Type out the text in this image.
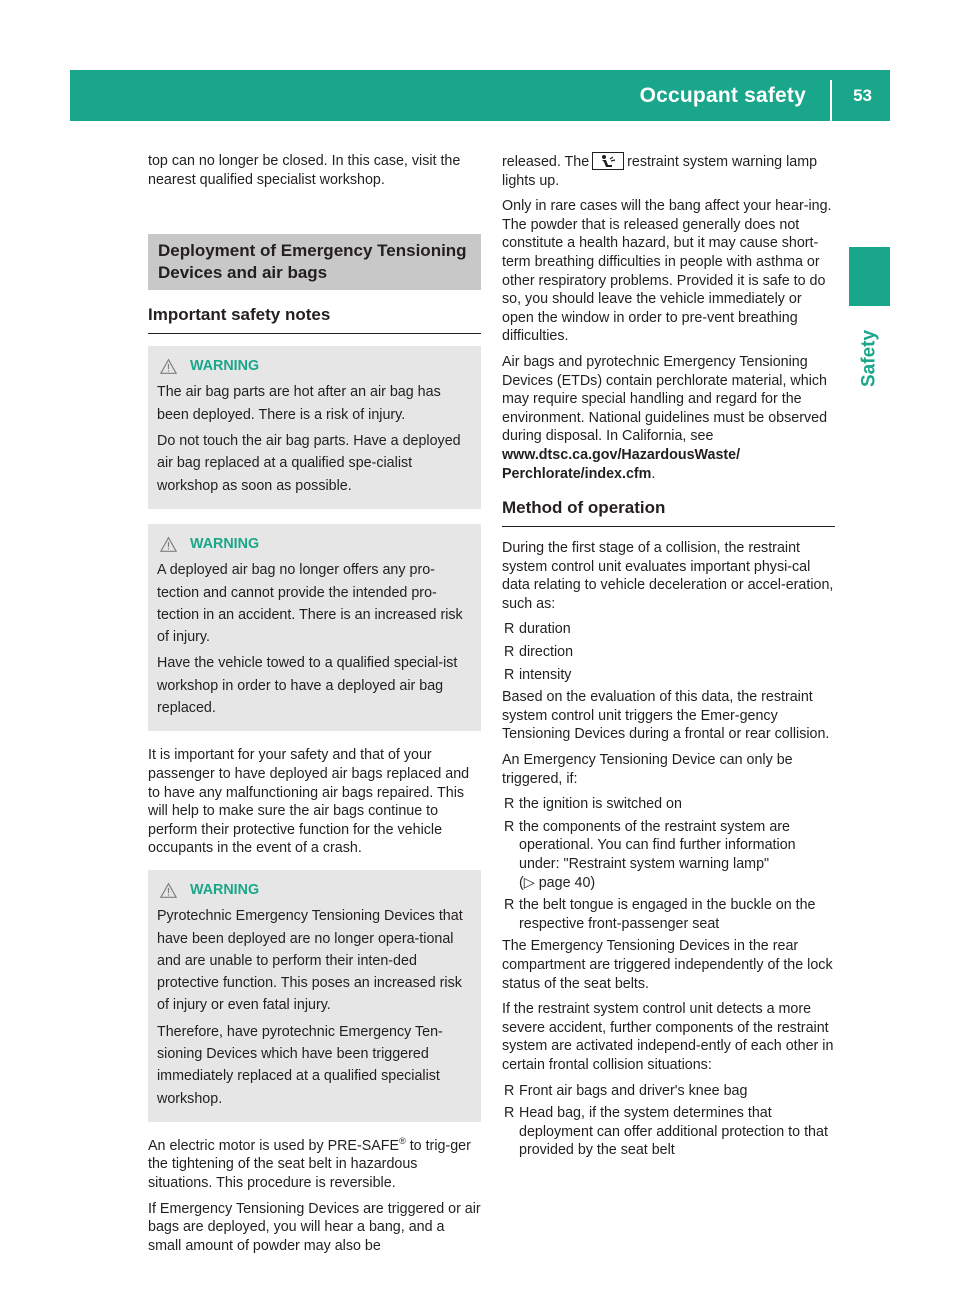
Occupant safety	53
Safety

top can no longer be closed. In this case, visit the nearest qualified specialist workshop.

Deployment of Emergency Tensioning Devices and air bags
Important safety notes
WARNING

The air bag parts are hot after an air bag has been deployed. There is a risk of injury.

Do not touch the air bag parts. Have a deployed air bag replaced at a qualified spe-cialist workshop as soon as possible.

WARNING

A deployed air bag no longer offers any pro-tection and cannot provide the intended pro-tection in an accident. There is an increased risk of injury.

Have the vehicle towed to a qualified special-ist workshop in order to have a deployed air bag replaced.

It is important for your safety and that of your passenger to have deployed air bags replaced and to have any malfunctioning air bags repaired. This will help to make sure the air bags continue to perform their protective function for the vehicle occupants in the event of a crash.

WARNING

Pyrotechnic Emergency Tensioning Devices that have been deployed are no longer opera-tional and are unable to perform their inten-ded protective function. This poses an increased risk of injury or even fatal injury.

Therefore, have pyrotechnic Emergency Ten-sioning Devices which have been triggered immediately replaced at a qualified specialist workshop.

An electric motor is used by PRE-SAFE® to trig-ger the tightening of the seat belt in hazardous situations. This procedure is reversible.

If Emergency Tensioning Devices are triggered or air bags are deployed, you will hear a bang, and a small amount of powder may also be

released. The	restraint system warning lamp lights up.

Only in rare cases will the bang affect your hear-ing. The powder that is released generally does not constitute a health hazard, but it may cause short-term breathing difficulties in people with asthma or other respiratory problems. Provided it is safe to do so, you should leave the vehicle immediately or open the window in order to pre-vent breathing difficulties.

Air bags and pyrotechnic Emergency Tensioning Devices (ETDs) contain perchlorate material, which may require special handling and regard for the environment. National guidelines must be observed during disposal. In California, see
www.dtsc.ca.gov/HazardousWaste/ Perchlorate/index.cfm.

Method of operation

During the first stage of a collision, the restraint system control unit evaluates important physi-cal data relating to vehicle deceleration or accel-eration, such as:

R duration
R direction
R intensity

Based on the evaluation of this data, the restraint system control unit triggers the Emer-gency Tensioning Devices during a frontal or rear collision.

An Emergency Tensioning Device can only be triggered, if:

R the ignition is switched on
R the components of the restraint system are operational. You can find further information under: "Restraint system warning lamp"
(▷ page 40)
R the belt tongue is engaged in the buckle on the respective front-passenger seat

The Emergency Tensioning Devices in the rear compartment are triggered independently of the lock status of the seat belts.

If the restraint system control unit detects a more severe accident, further components of the restraint system are activated independ-ently of each other in certain frontal collision situations:

R Front air bags and driver's knee bag
R Head bag, if the system determines that deployment can offer additional protection to that provided by the seat belt
